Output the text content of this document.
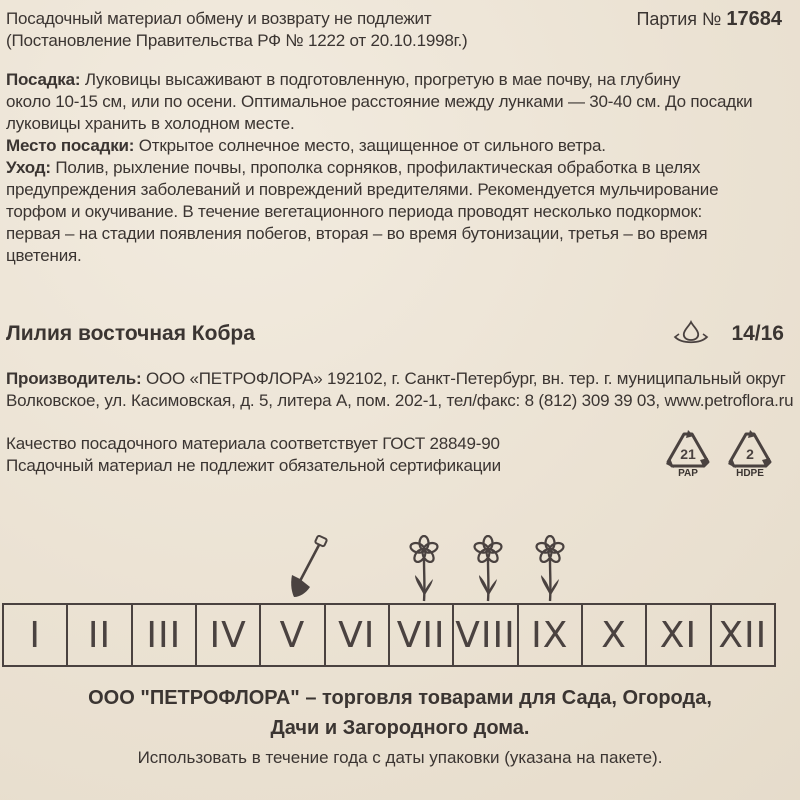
Посадочный материал обмену и возврату не подлежит
(Постановление Правительства РФ № 1222 от 20.10.1998г.)
Партия № 17684

Посадка: Луковицы высаживают в подготовленную, прогретую в мае почву, на глубину

около 10-15 см, или по осени. Оптимальное расстояние между лунками — 30-40 см. До посадки

луковицы хранить в холодном месте.

Место посадки: Открытое солнечное место, защищенное от сильного ветра.

Уход: Полив, рыхление почвы, прополка сорняков, профилактическая обработка в целях

предупреждения заболеваний и повреждений вредителями. Рекомендуется мульчирование

торфом и окучивание. В течение вегетационного периода проводят несколько подкормок:

первая – на стадии появления побегов, вторая – во время бутонизации, третья – во время

цветения.

Лилия восточная Кобра	14/16
Производитель: ООО «ПЕТРОФЛОРА» 192102, г. Санкт-Петербург, вн. тер. г. муниципальный округ
Волковское, ул. Касимовская, д. 5, литера А, пом. 202-1, тел/факс: 8 (812) 309 39 03, www.petroflora.ru
Качество посадочного материала соответствует ГОСТ 28849-90
Псадочный материал не подлежит обязательной сертификации
21
PAP
2
HDPE
I	II III IV V VI VII VIII IX X XI XII
ООО "ПЕТРОФЛОРА" – торговля товарами для Сада, Огорода,
Дачи и Загородного дома.
Использовать в течение года с даты упаковки (указана на пакете).
